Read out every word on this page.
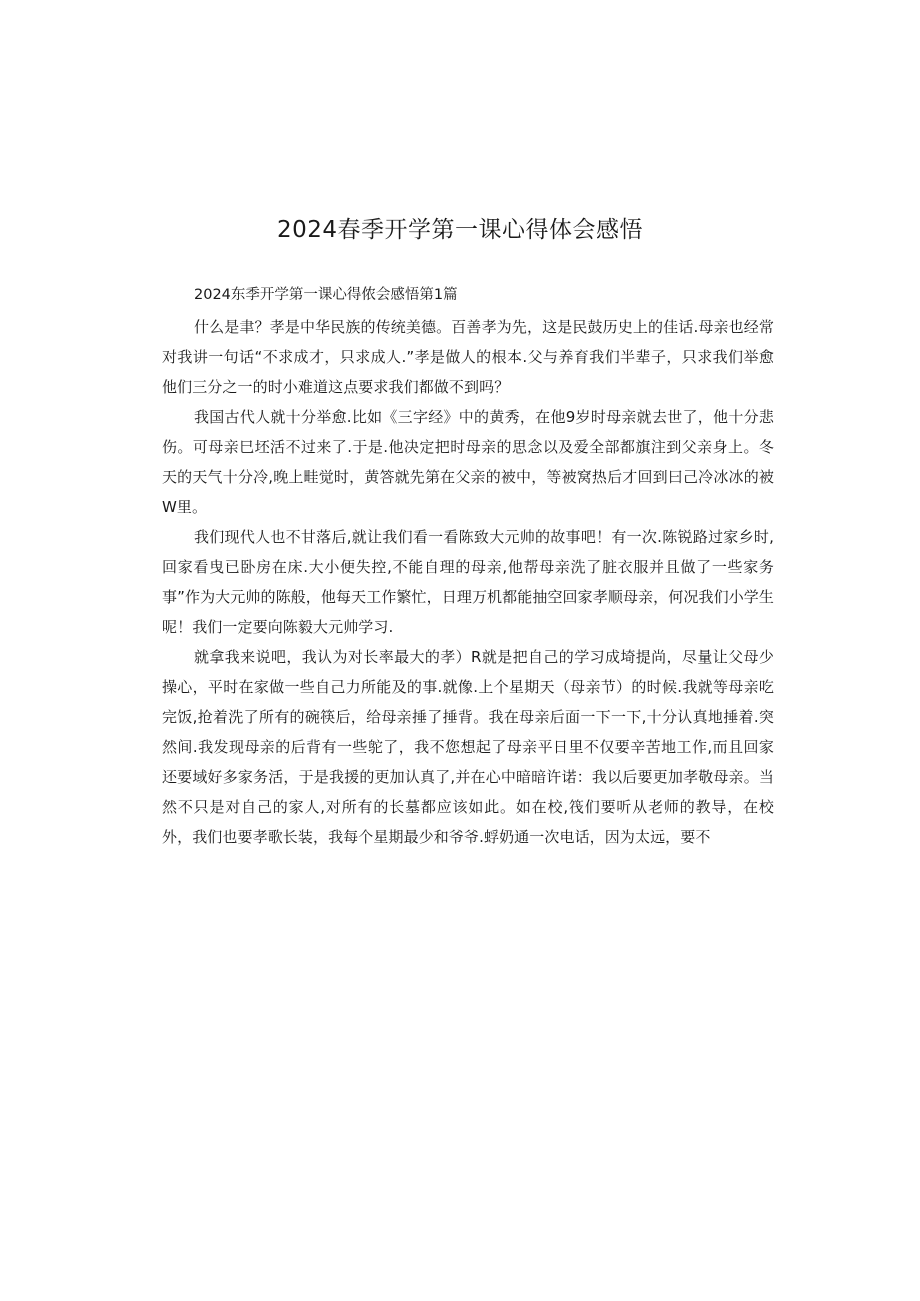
2024春季开学第一课心得体会感悟

2024东季开学第一课心得侬会感悟第1篇

什么是聿？孝是中华民族的传统美德。百善孝为先，这是民鼓历史上的佳话.母亲也经常对我讲一句话“不求成才，只求成人.”孝是做人的根本.父与养育我们半辈子，只求我们举愈他们三分之一的时小难道这点要求我们都做不到吗？

我国古代人就十分举愈.比如《三字经》中的黄秀，在他9岁时母亲就去世了，他十分悲伤。可母亲巳坯活不过来了.于是.他决定把时母亲的思念以及爱全部都旗注到父亲身上。冬天的天气十分冷,晚上畦觉时，黄答就先第在父亲的被中，等被窝热后才回到曰己冷冰冰的被W里。

我们现代人也不甘落后,就让我们看一看陈致大元帅的故事吧！有一次.陈锐路过家乡时,回家看曳已卧房在床.大小便失控,不能自理的母亲,他帮母亲洗了脏衣服并且做了一些家务事”作为大元帅的陈般，他每天工作繁忙，日理万机都能抽空回家孝顺母亲，何况我们小学生呢！我们一定要向陈毅大元帅学习.

就拿我来说吧，我认为对长率最大的孝）R就是把自己的学习成埼提尚，尽量让父母少操心，平时在家做一些自己力所能及的事.就像.上个星期天（母亲节）的时候.我就等母亲吃完饭,抢着洗了所有的碗筷后，给母亲捶了捶背。我在母亲后面一下一下,十分认真地捶着.突然间.我发现母亲的后背有一些鸵了，我不您想起了母亲平日里不仅要辛苦地工作,而且回家还要域好多家务活，于是我援的更加认真了,并在心中暗暗许诺：我以后要更加孝敬母亲。当然不只是对自己的家人,对所有的长墓都应该如此。如在校,筏们要听从老师的教导，在校外，我们也要孝歌长装，我每个星期最少和爷爷.蜉奶通一次电话，因为太远，要不
